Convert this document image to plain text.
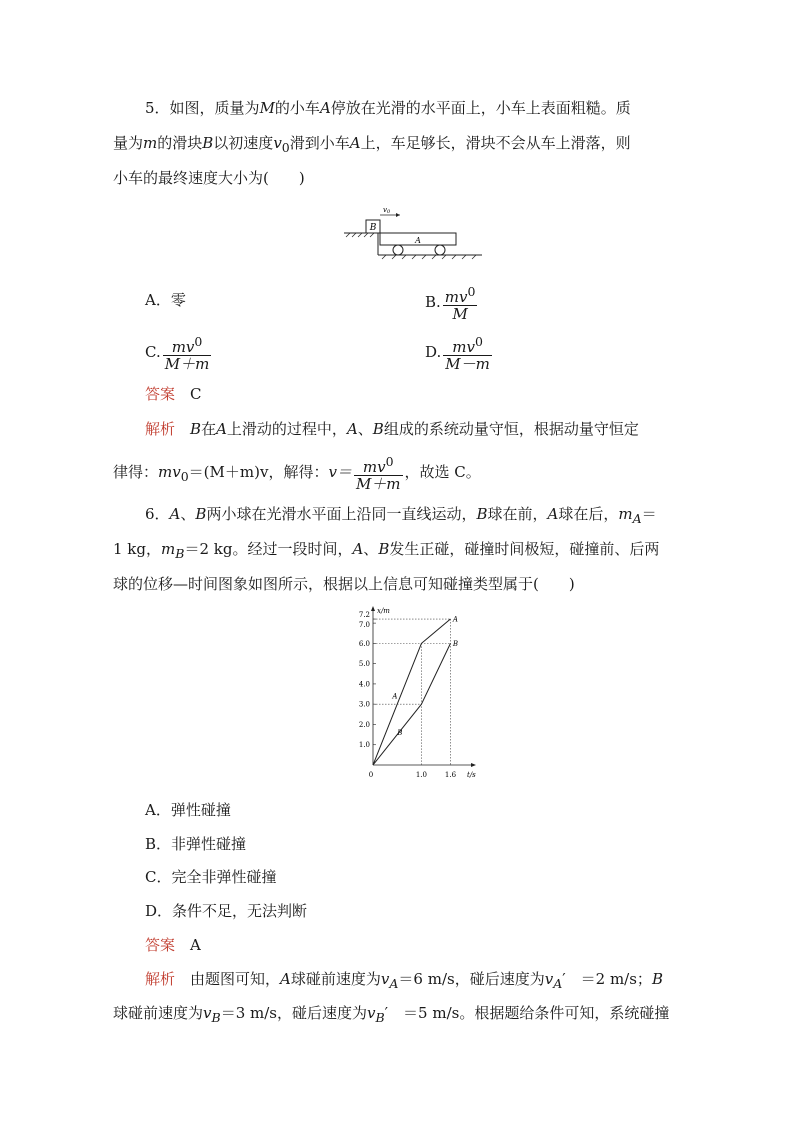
5．如图，质量为M的小车A停放在光滑的水平面上，小车上表面粗糙。质
量为m的滑块B以初速度$v_0$滑到小车A上，车足够长，滑块不会从车上滑落，则
小车的最终速度大小为(　　)
A
B
v0
A．零	B. $\frac{mv^0}{M}$
C. $\frac{mv^0}{M+m}$	D. $\frac{mv^0}{M-m}$
答案　 C
解析　 B在A上滑动的过程中，A、B组成的系统动量守恒，根据动量守恒定
律得：$mv_0=(M+m)v$，解得：$v= \frac{mv^0}{M+m}$ ，故选 C。
6．A、B两小球在光滑水平面上沿同一直线运动，B球在前，A球在后，$m_A=$
1 kg，$m_B=2$ kg。经过一段时间，A、B发生正碰，碰撞时间极短，碰撞前、后两
球的位移—时间图象如图所示，根据以上信息可知碰撞类型属于(　　)
x/m
t/s
1.0
2.0
3.0
4.0
5.0
6.0
7.0
7.2
0	1.0	1.6
A
B
A
B
A．弹性碰撞
B．非弹性碰撞
C．完全非弹性碰撞
D．条件不足，无法判断
答案　 A
解析　 由题图可知，A球碰前速度为$v_A=6$ m/s，碰后速度为$v_A'$　＝2 m/s；B
球碰前速度为$v_B=3$ m/s，碰后速度为$v_B'$　＝5 m/s。根据题给条件可知，系统碰撞
